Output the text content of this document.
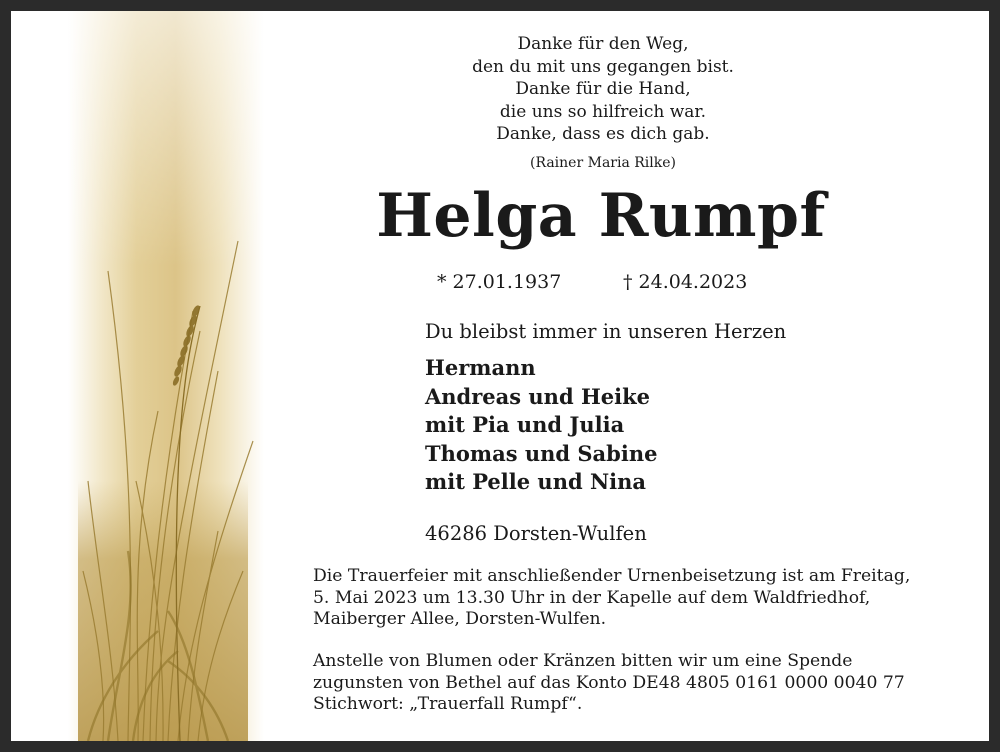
Danke für den Weg,
den du mit uns gegangen bist.
Danke für die Hand,
die uns so hilfreich war.
Danke, dass es dich gab.
(Rainer Maria Rilke)
Helga Rumpf
* 27.01.1937	† 24.04.2023
Du bleibst immer in unseren Herzen
Hermann
Andreas und Heike
mit Pia und Julia
Thomas und Sabine
mit Pelle und Nina
46286 Dorsten-Wulfen
Die Trauerfeier mit anschließender Urnenbeisetzung ist am Freitag,
5. Mai 2023 um 13.30 Uhr in der Kapelle auf dem Waldfriedhof,
Maiberger Allee, Dorsten-Wulfen.
Anstelle von Blumen oder Kränzen bitten wir um eine Spende
zugunsten von Bethel auf das Konto DE48 4805 0161 0000 0040 77
Stichwort: „Trauerfall Rumpf“.
